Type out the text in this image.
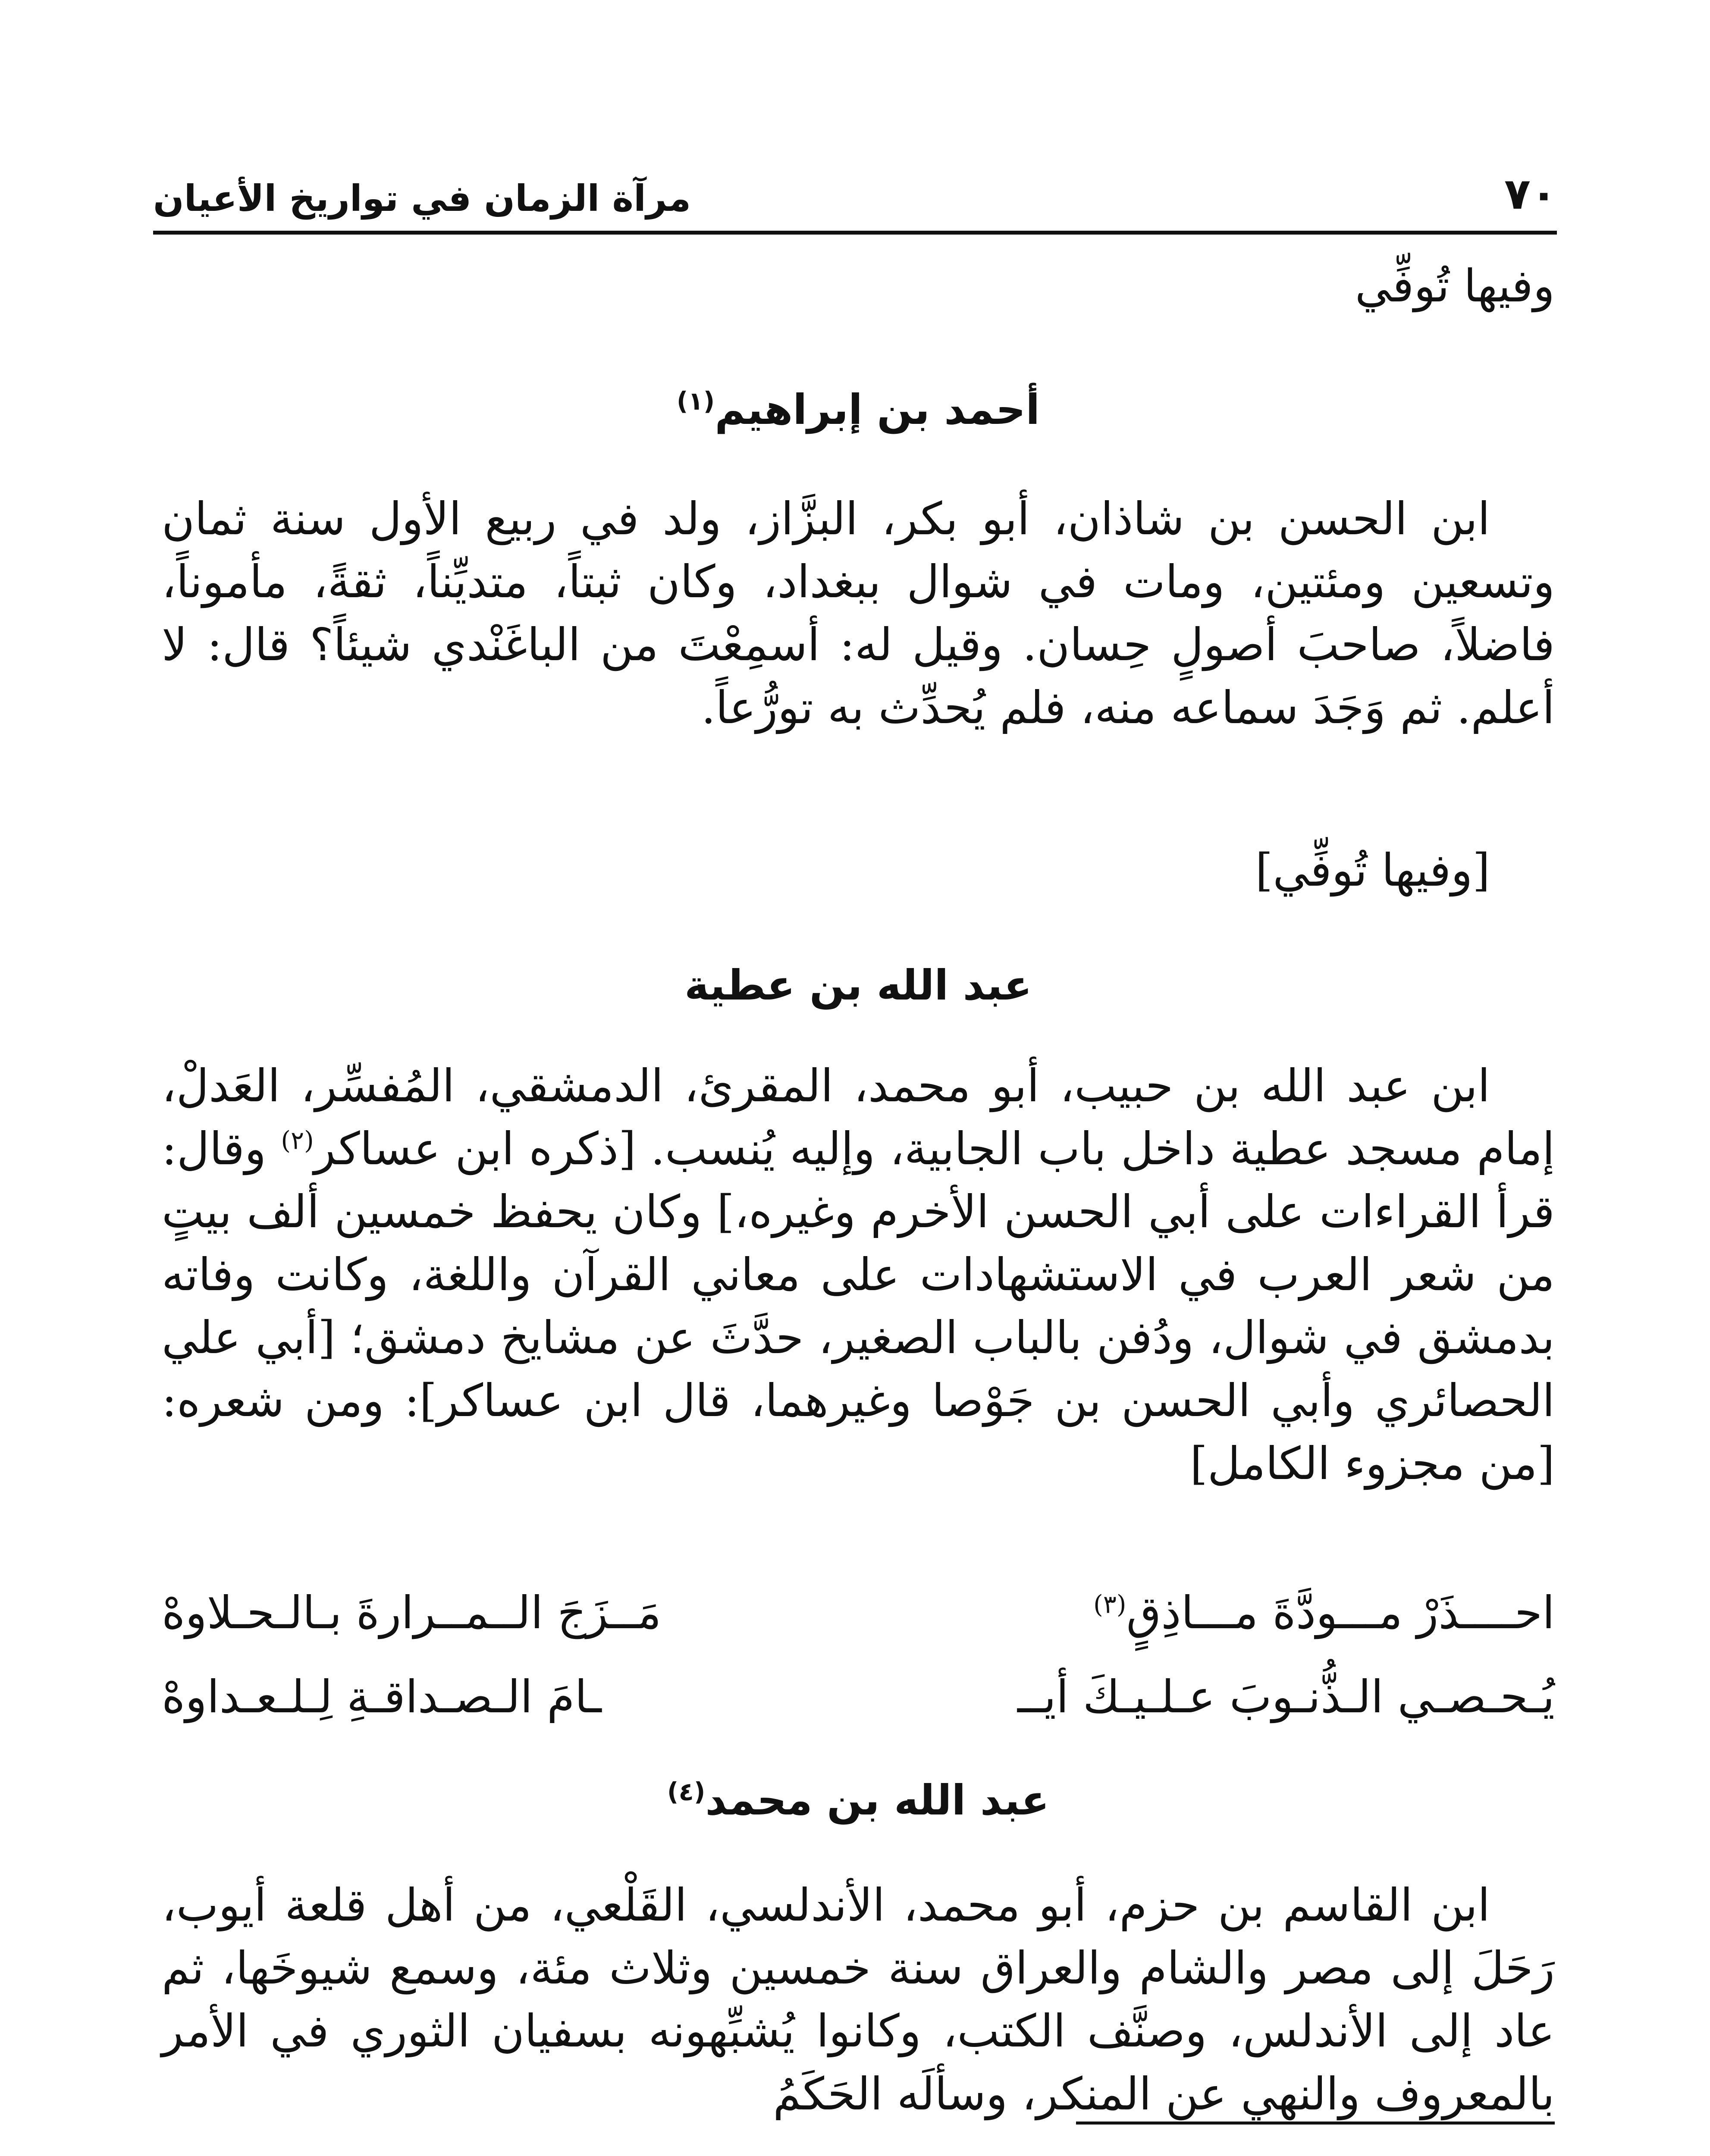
٧٠
مرآة الزمان في تواريخ الأعيان
وفيها تُوفِّي
أحمد بن إبراهيم$^{(١)}$
ابن الحسن بن شاذان، أبو بكر، البزَّاز، ولد في ربيع الأول سنة ثمان وتسعين ومئتين، ومات في شوال ببغداد، وكان ثبتاً، متديِّناً، ثقةً، مأموناً، فاضلاً، صاحبَ أصولٍ حِسان. وقيل له: أسمِعْتَ من الباغَنْدي شيئاً؟ قال: لا أعلم. ثم وَجَدَ سماعه منه، فلم يُحدِّث به تورُّعاً.
[وفيها تُوفِّي]
عبد الله بن عطية
ابن عبد الله بن حبيب، أبو محمد، المقرئ، الدمشقي، المُفسِّر، العَدلْ، إمام مسجد عطية داخل باب الجابية، وإليه يُنسب. [ذكره ابن عساكر$^{(٢)}$ وقال: قرأ القراءات على أبي الحسن الأخرم وغيره،] وكان يحفظ خمسين ألف بيتٍ من شعر العرب في الاستشهادات على معاني القرآن واللغة، وكانت وفاته بدمشق في شوال، ودُفن بالباب الصغير، حدَّثَ عن مشايخ دمشق؛ [أبي علي الحصائري وأبي الحسن بن جَوْصا وغيرهما، قال ابن عساكر]: ومن شعره: [من مجزوء الكامل]
احــــذَرْ مـــودَّةَ مـــاذِقٍ$^{(٣)}$
مَــزَجَ الــمــرارةَ بـالـحـلاوهْ
يُـحـصـي الـذُّنـوبَ عـلـيـكَ أيــ
ـامَ الـصـداقـةِ لِـلـعـداوهْ
عبد الله بن محمد$^{(٤)}$
ابن القاسم بن حزم، أبو محمد، الأندلسي، القَلْعي، من أهل قلعة أيوب، رَحَلَ إلى مصر والشام والعراق سنة خمسين وثلاث مئة، وسمع شيوخَها، ثم عاد إلى الأندلس، وصنَّف الكتب، وكانوا يُشبِّهونه بسفيان الثوري في الأمر بالمعروف والنهي عن المنكر، وسألَه الحَكَمُ
